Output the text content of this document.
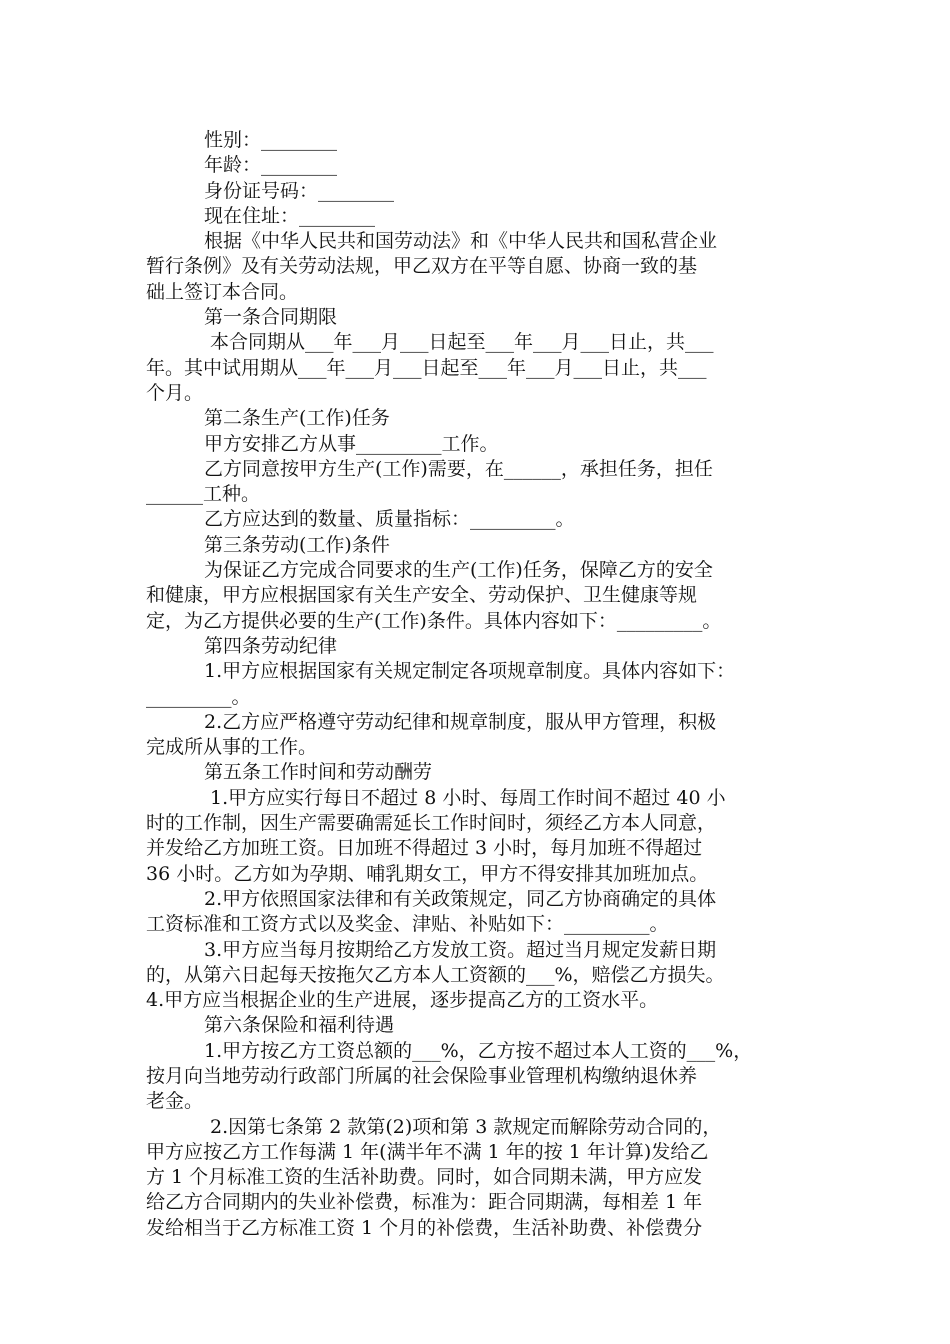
性别：________
年龄：________
身份证号码：________
现在住址：________
根据《中华人民共和国劳动法》和《中华人民共和国私营企业
暂行条例》及有关劳动法规，甲乙双方在平等自愿、协商一致的基
础上签订本合同。
第一条合同期限
本合同期从___年___月___日起至___年___月___日止，共___
年。其中试用期从___年___月___日起至___年___月___日止，共___
个月。
第二条生产(工作)任务
甲方安排乙方从事_________工作。
乙方同意按甲方生产(工作)需要，在______，承担任务，担任
______工种。
乙方应达到的数量、质量指标：_________。
第三条劳动(工作)条件
为保证乙方完成合同要求的生产(工作)任务，保障乙方的安全
和健康，甲方应根据国家有关生产安全、劳动保护、卫生健康等规
定，为乙方提供必要的生产(工作)条件。具体内容如下：_________。
第四条劳动纪律
1.甲方应根据国家有关规定制定各项规章制度。具体内容如下：
_________。
2.乙方应严格遵守劳动纪律和规章制度，服从甲方管理，积极
完成所从事的工作。
第五条工作时间和劳动酬劳
1.甲方应实行每日不超过 8 小时、每周工作时间不超过 40 小
时的工作制，因生产需要确需延长工作时间时，须经乙方本人同意，
并发给乙方加班工资。日加班不得超过 3 小时，每月加班不得超过
36 小时。乙方如为孕期、哺乳期女工，甲方不得安排其加班加点。
2.甲方依照国家法律和有关政策规定，同乙方协商确定的具体
工资标准和工资方式以及奖金、津贴、补贴如下：_________。
3.甲方应当每月按期给乙方发放工资。超过当月规定发薪日期
的，从第六日起每天按拖欠乙方本人工资额的___%，赔偿乙方损失。
4.甲方应当根据企业的生产进展，逐步提高乙方的工资水平。
第六条保险和福利待遇
1.甲方按乙方工资总额的___%，乙方按不超过本人工资的___%，
按月向当地劳动行政部门所属的社会保险事业管理机构缴纳退休养
老金。
2.因第七条第 2 款第(2)项和第 3 款规定而解除劳动合同的，
甲方应按乙方工作每满 1 年(满半年不满 1 年的按 1 年计算)发给乙
方 1 个月标准工资的生活补助费。同时，如合同期未满，甲方应发
给乙方合同期内的失业补偿费，标准为：距合同期满，每相差 1 年
发给相当于乙方标准工资 1 个月的补偿费，生活补助费、补偿费分
